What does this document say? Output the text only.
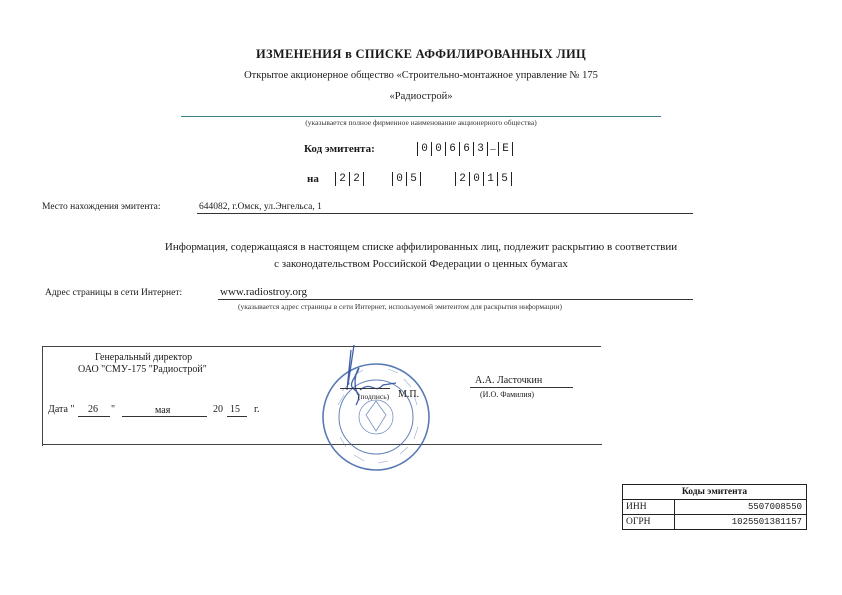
ИЗМЕНЕНИЯ в СПИСКЕ АФФИЛИРОВАННЫХ ЛИЦ
Открытое акционерное общество «Строительно-монтажное управление № 175
«Радиострой»
(указывается полное фирменное наименование акционерного общества)
Код эмитента:	0 0 6 6 3 – E
на	2 2	0 5	2 0 1 5
Место нахождения эмитента:	644082, г.Омск, ул.Энгельса, 1
Информация, содержащаяся в настоящем списке аффилированных лиц, подлежит раскрытию в соответствии
с законодательством Российской Федерации о ценных бумагах
Адрес страницы в сети Интернет:	www.radiostroy.org
(указывается адрес страницы в сети Интернет, используемой эмитентом для раскрытия информации)
Генеральный директор
ОАО "СМУ-175 "Радиострой"
(подпись) М.П.
А.А. Ласточкин
(И.О. Фамилия)
Дата " 26 "	мая	20 15 г.
Коды эмитента
ИНН	5507008550
ОГРН	1025501381157
